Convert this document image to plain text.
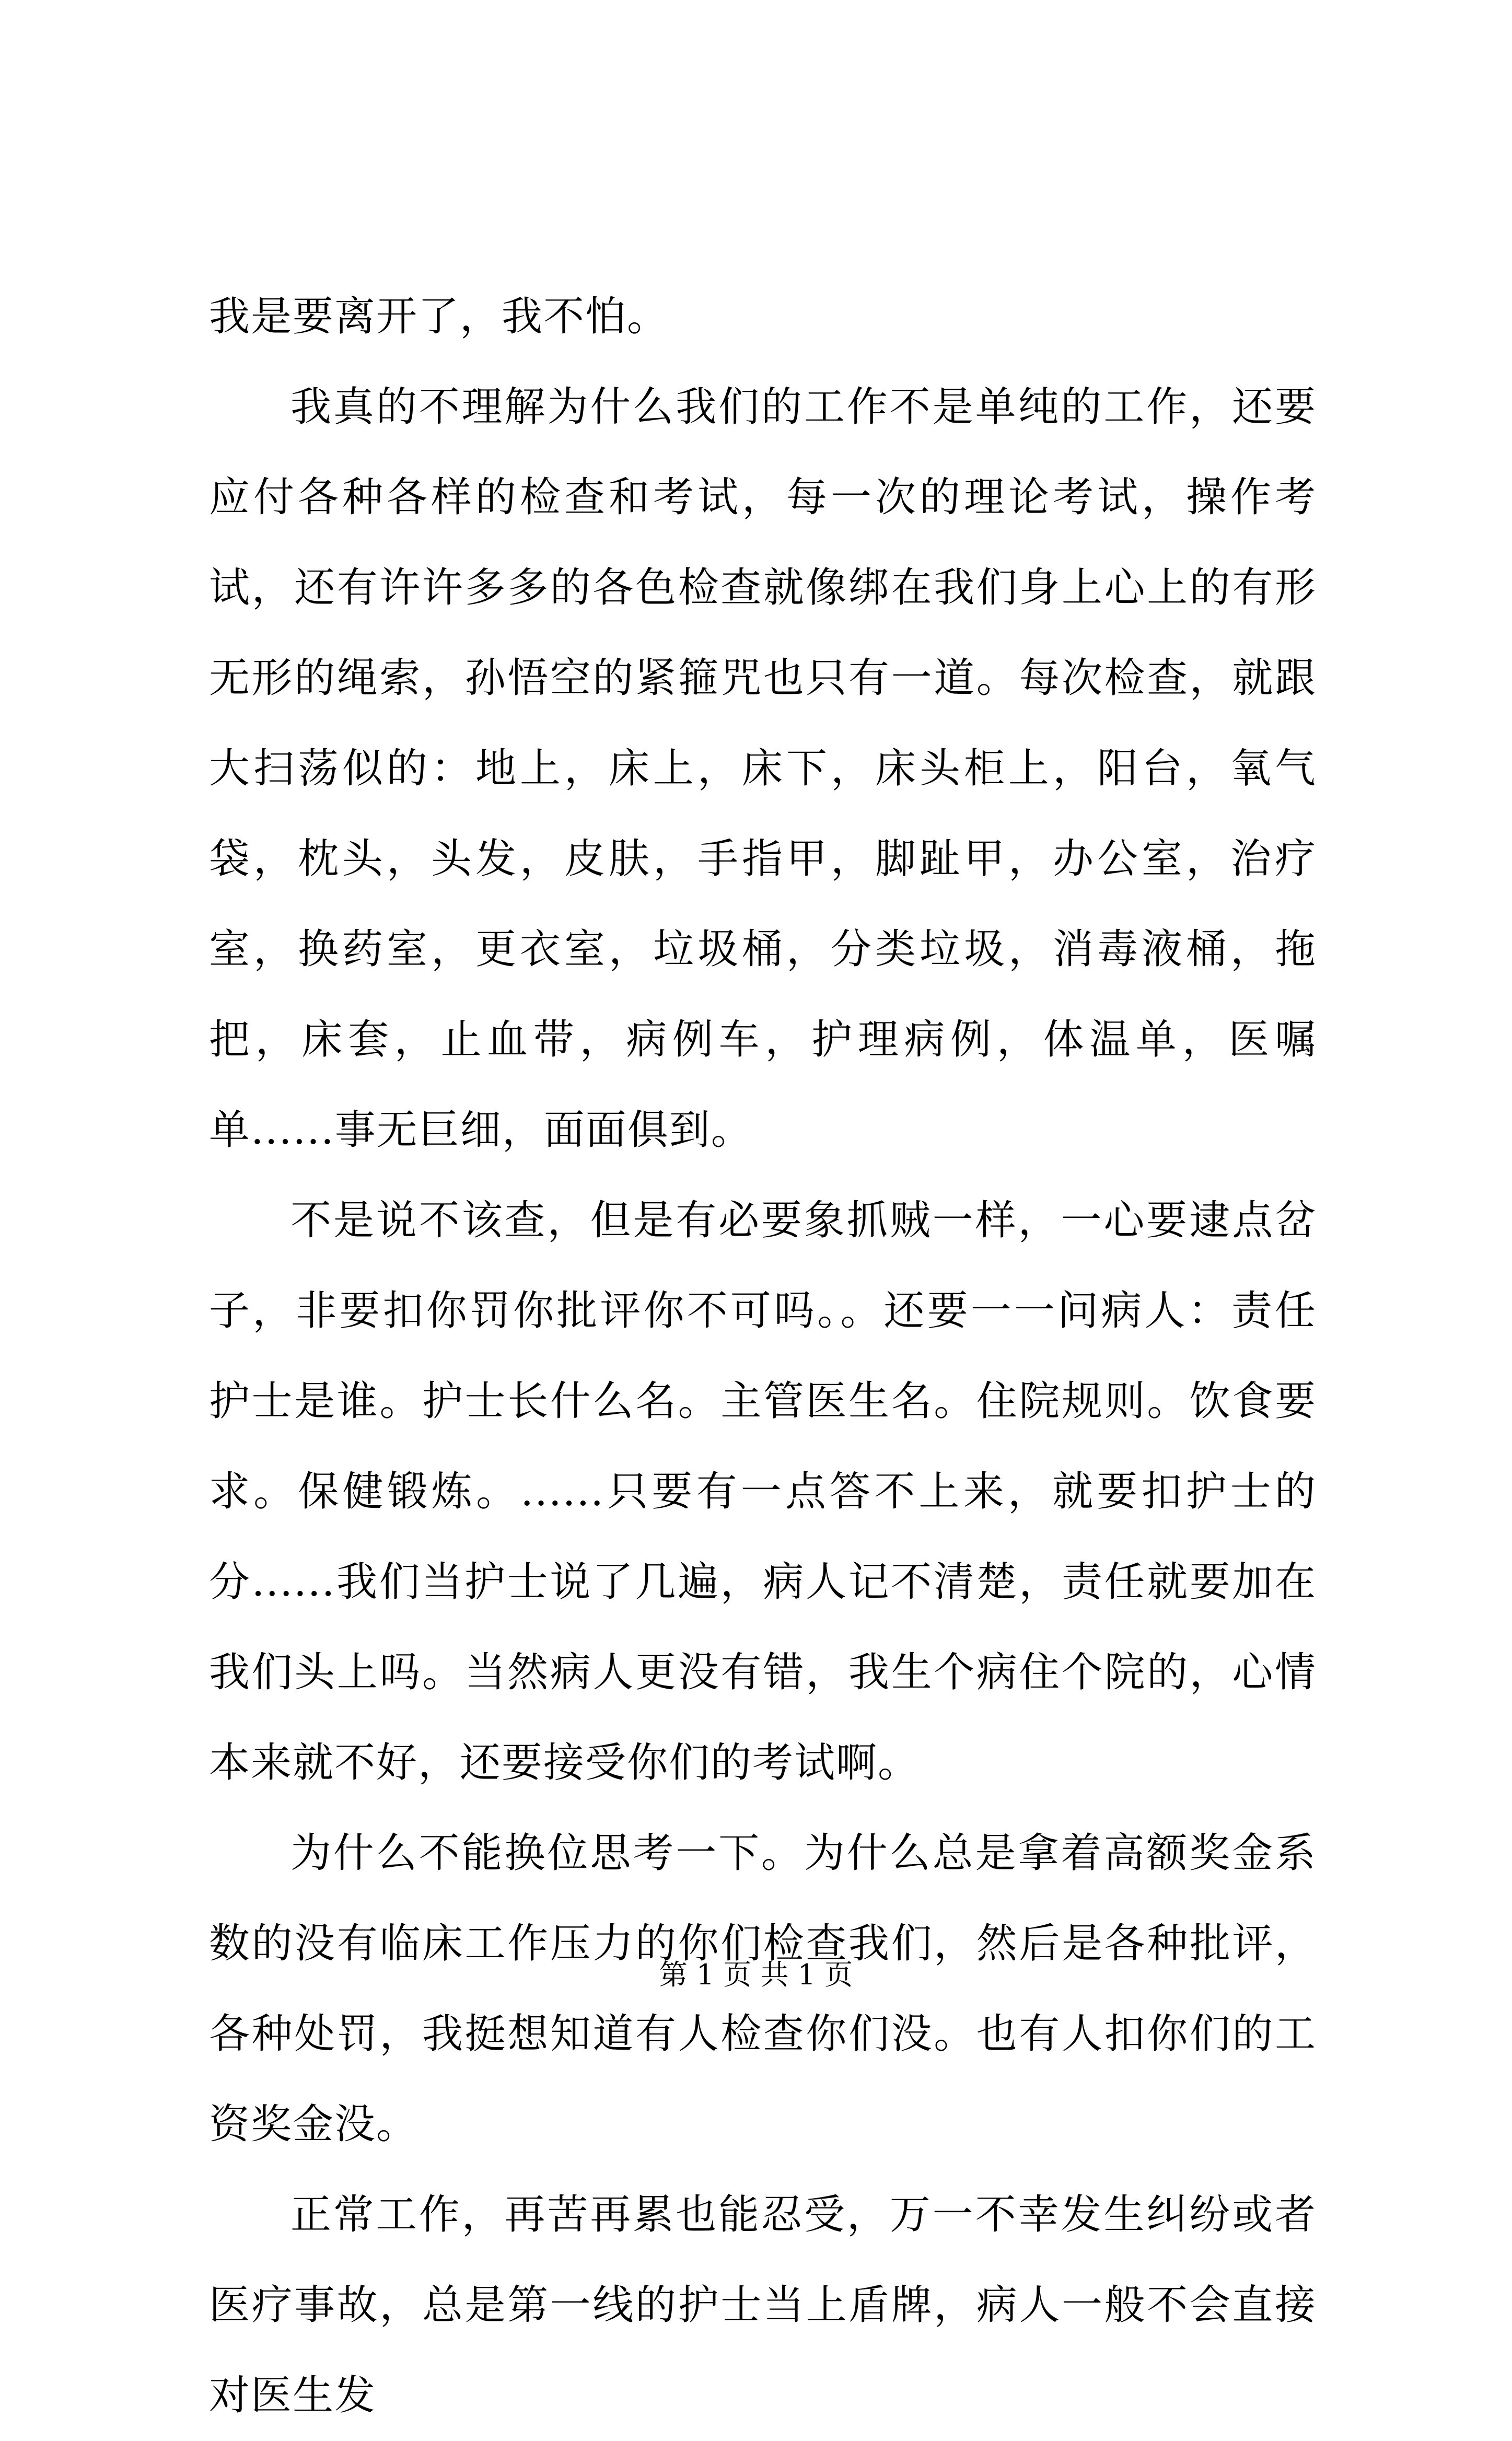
我是要离开了，我不怕。

我真的不理解为什么我们的工作不是单纯的工作，还要应付各种各样的检查和考试，每一次的理论考试，操作考试，还有许许多多的各色检查就像绑在我们身上心上的有形无形的绳索，孙悟空的紧箍咒也只有一道。每次检查，就跟大扫荡似的：地上，床上，床下，床头柜上，阳台，氧气袋，枕头，头发，皮肤，手指甲，脚趾甲，办公室，治疗室，换药室，更衣室，垃圾桶，分类垃圾，消毒液桶，拖把，床套，止血带，病例车，护理病例，体温单，医嘱单......事无巨细，面面俱到。

不是说不该查，但是有必要象抓贼一样，一心要逮点岔子，非要扣你罚你批评你不可吗。。还要一一问病人：责任护士是谁。护士长什么名。主管医生名。住院规则。饮食要求。保健锻炼。......只要有一点答不上来，就要扣护士的分......我们当护士说了几遍，病人记不清楚，责任就要加在我们头上吗。当然病人更没有错，我生个病住个院的，心情本来就不好，还要接受你们的考试啊。

为什么不能换位思考一下。为什么总是拿着高额奖金系数的没有临床工作压力的你们检查我们，然后是各种批评，各种处罚，我挺想知道有人检查你们没。也有人扣你们的工资奖金没。

正常工作，再苦再累也能忍受，万一不幸发生纠纷或者医疗事故，总是第一线的护士当上盾牌，病人一般不会直接对医生发

第 1 页 共 1 页
